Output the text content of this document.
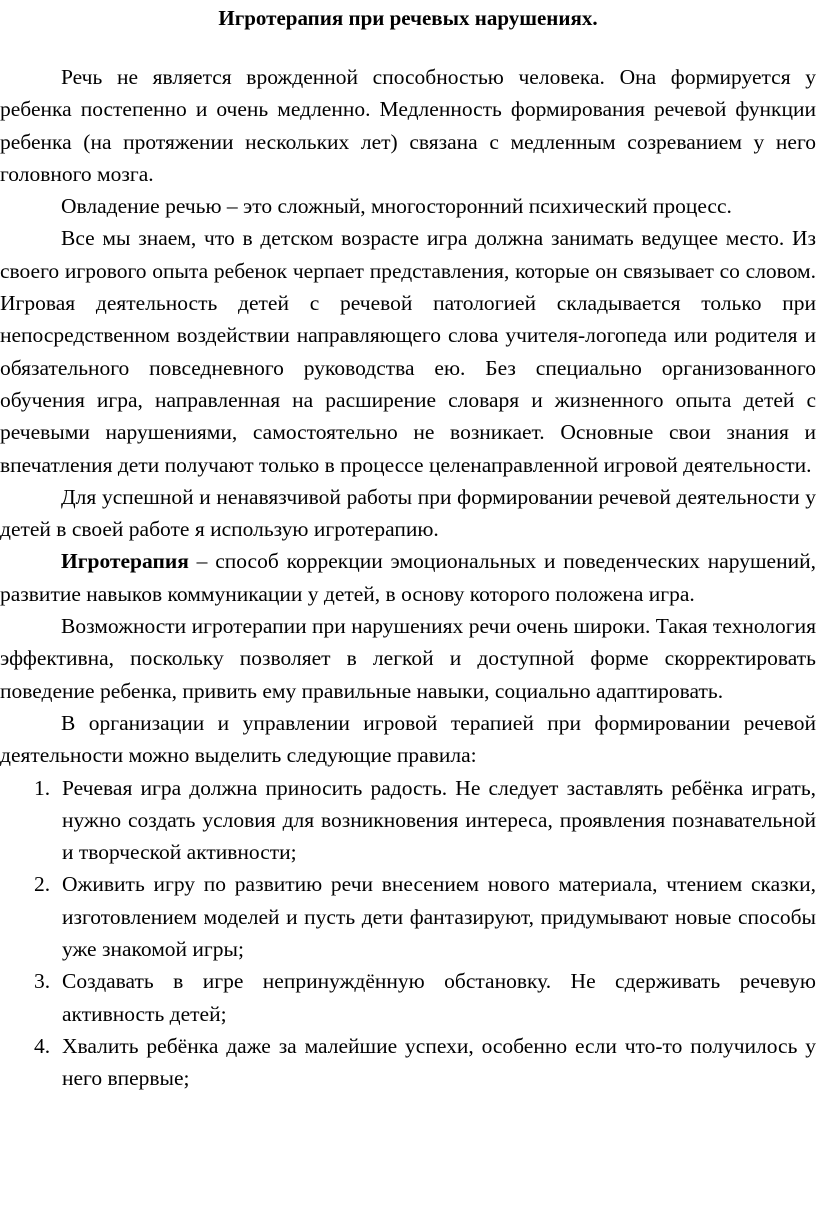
Игротерапия при речевых нарушениях.

Речь не является врожденной способностью человека. Она формируется у ребенка постепенно и очень медленно. Медленность формирования речевой функции ребенка (на протяжении нескольких лет) связана с медленным созреванием у него головного мозга.

Овладение речью – это сложный, многосторонний психический процесс.

Все мы знаем, что в детском возрасте игра должна занимать ведущее место. Из своего игрового опыта ребенок черпает представления, которые он связывает со словом. Игровая деятельность детей с речевой патологией складывается только при непосредственном воздействии направляющего слова учителя-логопеда или родителя и обязательного повседневного руководства ею. Без специально организованного обучения игра, направленная на расширение словаря и жизненного опыта детей с речевыми нарушениями, самостоятельно не возникает. Основные свои знания и впечатления дети получают только в процессе целенаправленной игровой деятельности.

Для успешной и ненавязчивой работы при формировании речевой деятельности у детей в своей работе я использую игротерапию.

Игротерапия – способ коррекции эмоциональных и поведенческих нарушений, развитие навыков коммуникации у детей, в основу которого положена игра.

Возможности игротерапии при нарушениях речи очень широки. Такая технология эффективна, поскольку позволяет в легкой и доступной форме скорректировать поведение ребенка, привить ему правильные навыки, социально адаптировать.

В организации и управлении игровой терапией при формировании речевой деятельности можно выделить следующие правила:

1. Речевая игра должна приносить радость. Не следует заставлять ребёнка играть, нужно создать условия для возникновения интереса, проявления познавательной и творческой активности;
2. Оживить игру по развитию речи внесением нового материала, чтением сказки, изготовлением моделей и пусть дети фантазируют, придумывают новые способы уже знакомой игры;
3. Создавать в игре непринуждённую обстановку. Не сдерживать речевую активность детей;
4. Хвалить ребёнка даже за малейшие успехи, особенно если что-то получилось у него впервые;
